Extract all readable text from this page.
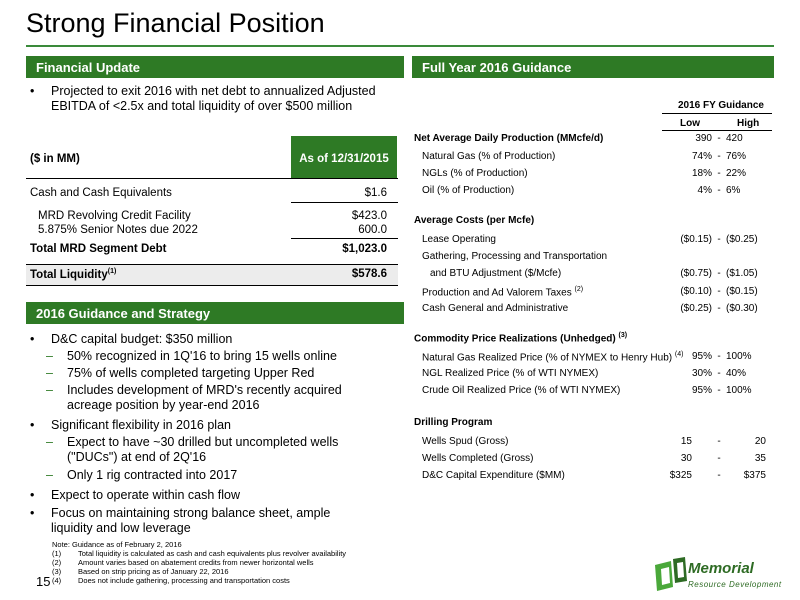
Strong Financial Position
Financial Update
•	Projected to exit 2016 with net debt to annualized Adjusted EBITDA of <2.5x and total liquidity of over $500 million
As of 12/31/2015
($ in MM)
Cash and Cash Equivalents	$1.6
MRD Revolving Credit Facility	$423.0
5.875% Senior Notes due 2022	600.0
Total MRD Segment Debt	$1,023.0
Total Liquidity$^{(1)}$	$578.6
2016 Guidance and Strategy
•	D&C capital budget: $350 million
–	50% recognized in 1Q'16 to bring 15 wells online
–	75% of wells completed targeting Upper Red
–	Includes development of MRD's recently acquired acreage position by year-end 2016
•	Significant flexibility in 2016 plan
–	Expect to have ~30 drilled but uncompleted wells ("DUCs") at end of 2Q'16
–	Only 1 rig contracted into 2017
•	Expect to operate within cash flow
•	Focus on maintaining strong balance sheet, ample liquidity and low leverage
Full Year 2016 Guidance
2016 FY Guidance
Low	High
Net Average Daily Production (MMcfe/d)	390 - 420
Natural Gas (% of Production)	74% - 76%
NGLs (% of Production)	18% - 22%
Oil (% of Production)	4% - 6%
Average Costs (per Mcfe)
Lease Operating	($0.15) - ($0.25)
Gathering, Processing and Transportation
and BTU Adjustment ($/Mcfe)	($0.75) - ($1.05)
Production and Ad Valorem Taxes $^{(2)}$	($0.10) - ($0.15)
Cash General and Administrative	($0.25) - ($0.30)
Commodity Price Realizations (Unhedged) $^{(3)}$
Natural Gas Realized Price (% of NYMEX to Henry Hub) $^{(4)}$ 95% - 100%
NGL Realized Price (% of WTI NYMEX)	30% - 40%
Crude Oil Realized Price (% of WTI NYMEX)	95% - 100%
Drilling Program
Wells Spud (Gross)	15	-	20
Wells Completed (Gross)	30	-	35
D&C Capital Expenditure ($MM)	$325	-	$375
Note: Guidance as of February 2, 2016
(1) Total liquidity is calculated as cash and cash equivalents plus revolver availability
(2) Amount varies based on abatement credits from newer horizontal wells
(3) Based on strip pricing as of January 22, 2016
(4) Does not include gathering, processing and transportation costs
15
Memorial
Resource Development
